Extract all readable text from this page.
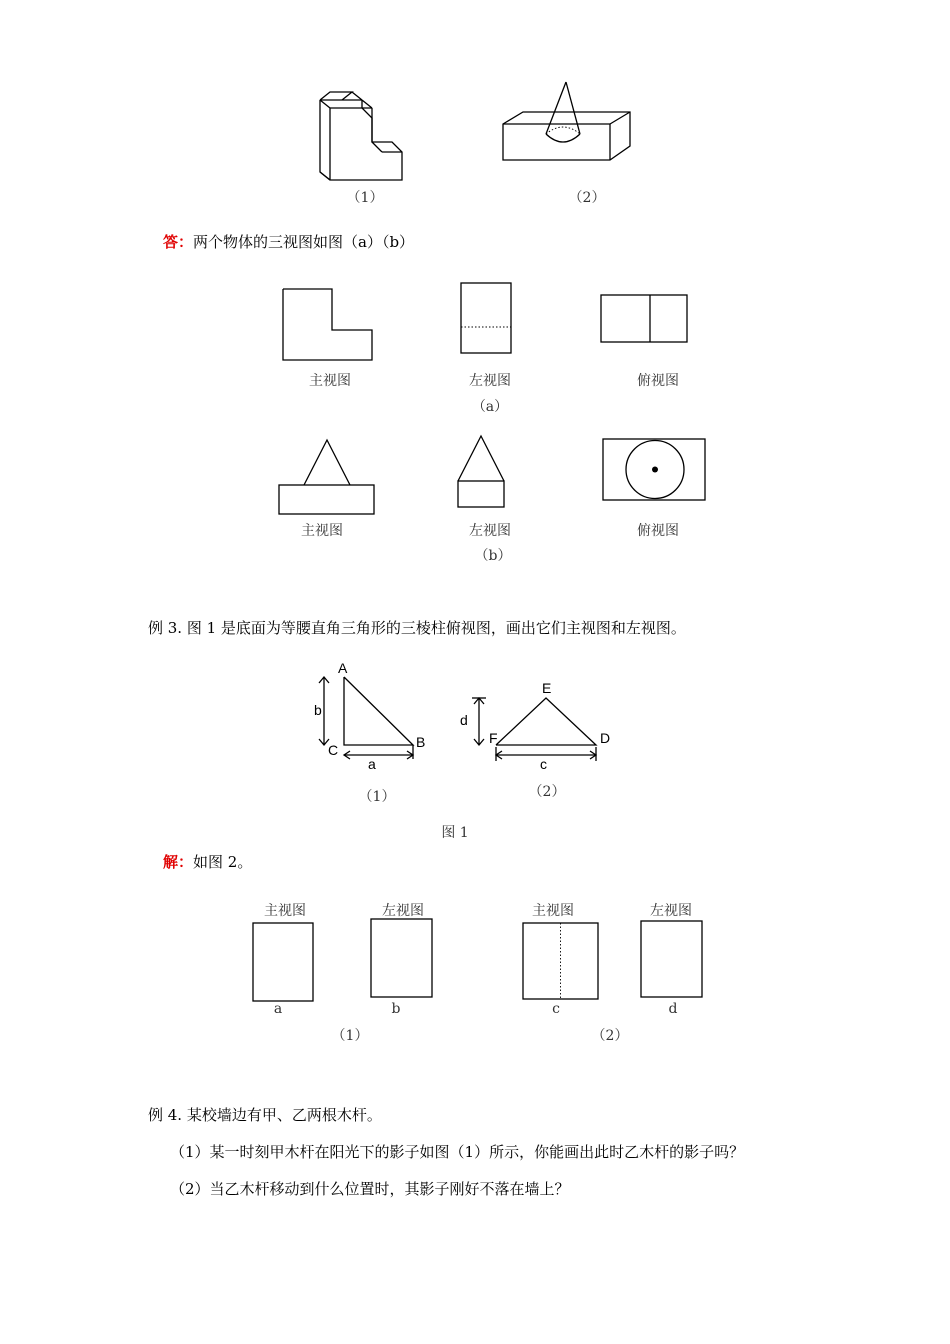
（1）	（2）
答：两个物体的三视图如图（a）（b）
主视图	左视图	俯视图
（a）
主视图	左视图	俯视图
（b）
例 3. 图 1 是底面为等腰直角三角形的三棱柱俯视图，画出它们主视图和左视图。
A
B
C
b
a
（1）
E
F	D
d
c
（2）
图 1
解：如图 2。
主视图	左视图	主视图	左视图
a	b	c	d
（1）	（2）
例 4. 某校墙边有甲、乙两根木杆。
（1）某一时刻甲木杆在阳光下的影子如图（1）所示，你能画出此时乙木杆的影子吗？
（2）当乙木杆移动到什么位置时，其影子刚好不落在墙上？
